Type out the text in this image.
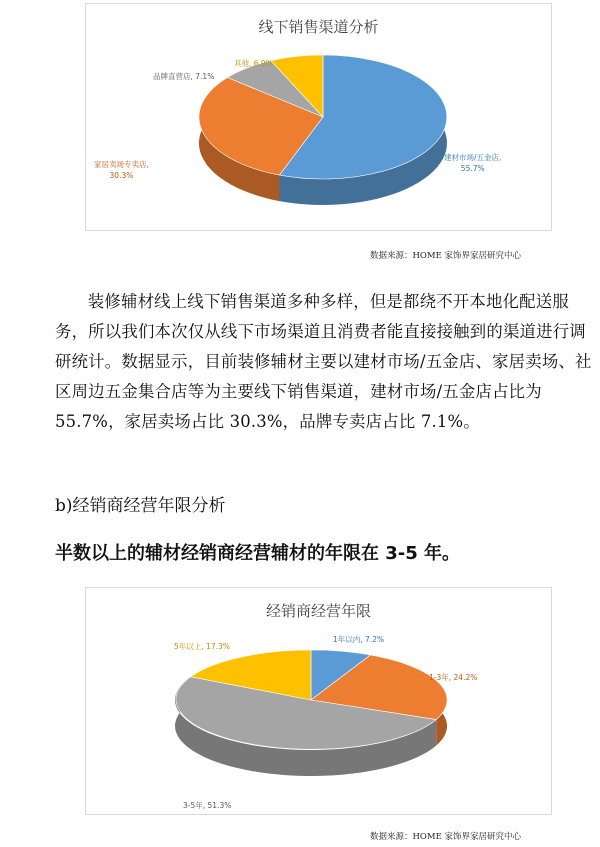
线下销售渠道分析
建材市场/五金店,
55.7%
家居卖场专卖店,
30.3%
品牌直营店, 7.1%
其他, 6.9%
数据来源：HOME 家饰界家居研究中心

装修辅材线上线下销售渠道多种多样，但是都绕不开本地化配送服务，所以我们本次仅从线下市场渠道且消费者能直接接触到的渠道进行调研统计。数据显示，目前装修辅材主要以建材市场/五金店、家居卖场、社区周边五金集合店等为主要线下销售渠道，建材市场/五金店占比为 55.7%，家居卖场占比 30.3%，品牌专卖店占比 7.1%。

b)经销商经营年限分析
半数以上的辅材经销商经营辅材的年限在 3-5 年。
经销商经营年限
1年以内, 7.2%
1-3年, 24.2%
3-5年, 51.3%
5年以上, 17.3%
数据来源：HOME 家饰界家居研究中心
